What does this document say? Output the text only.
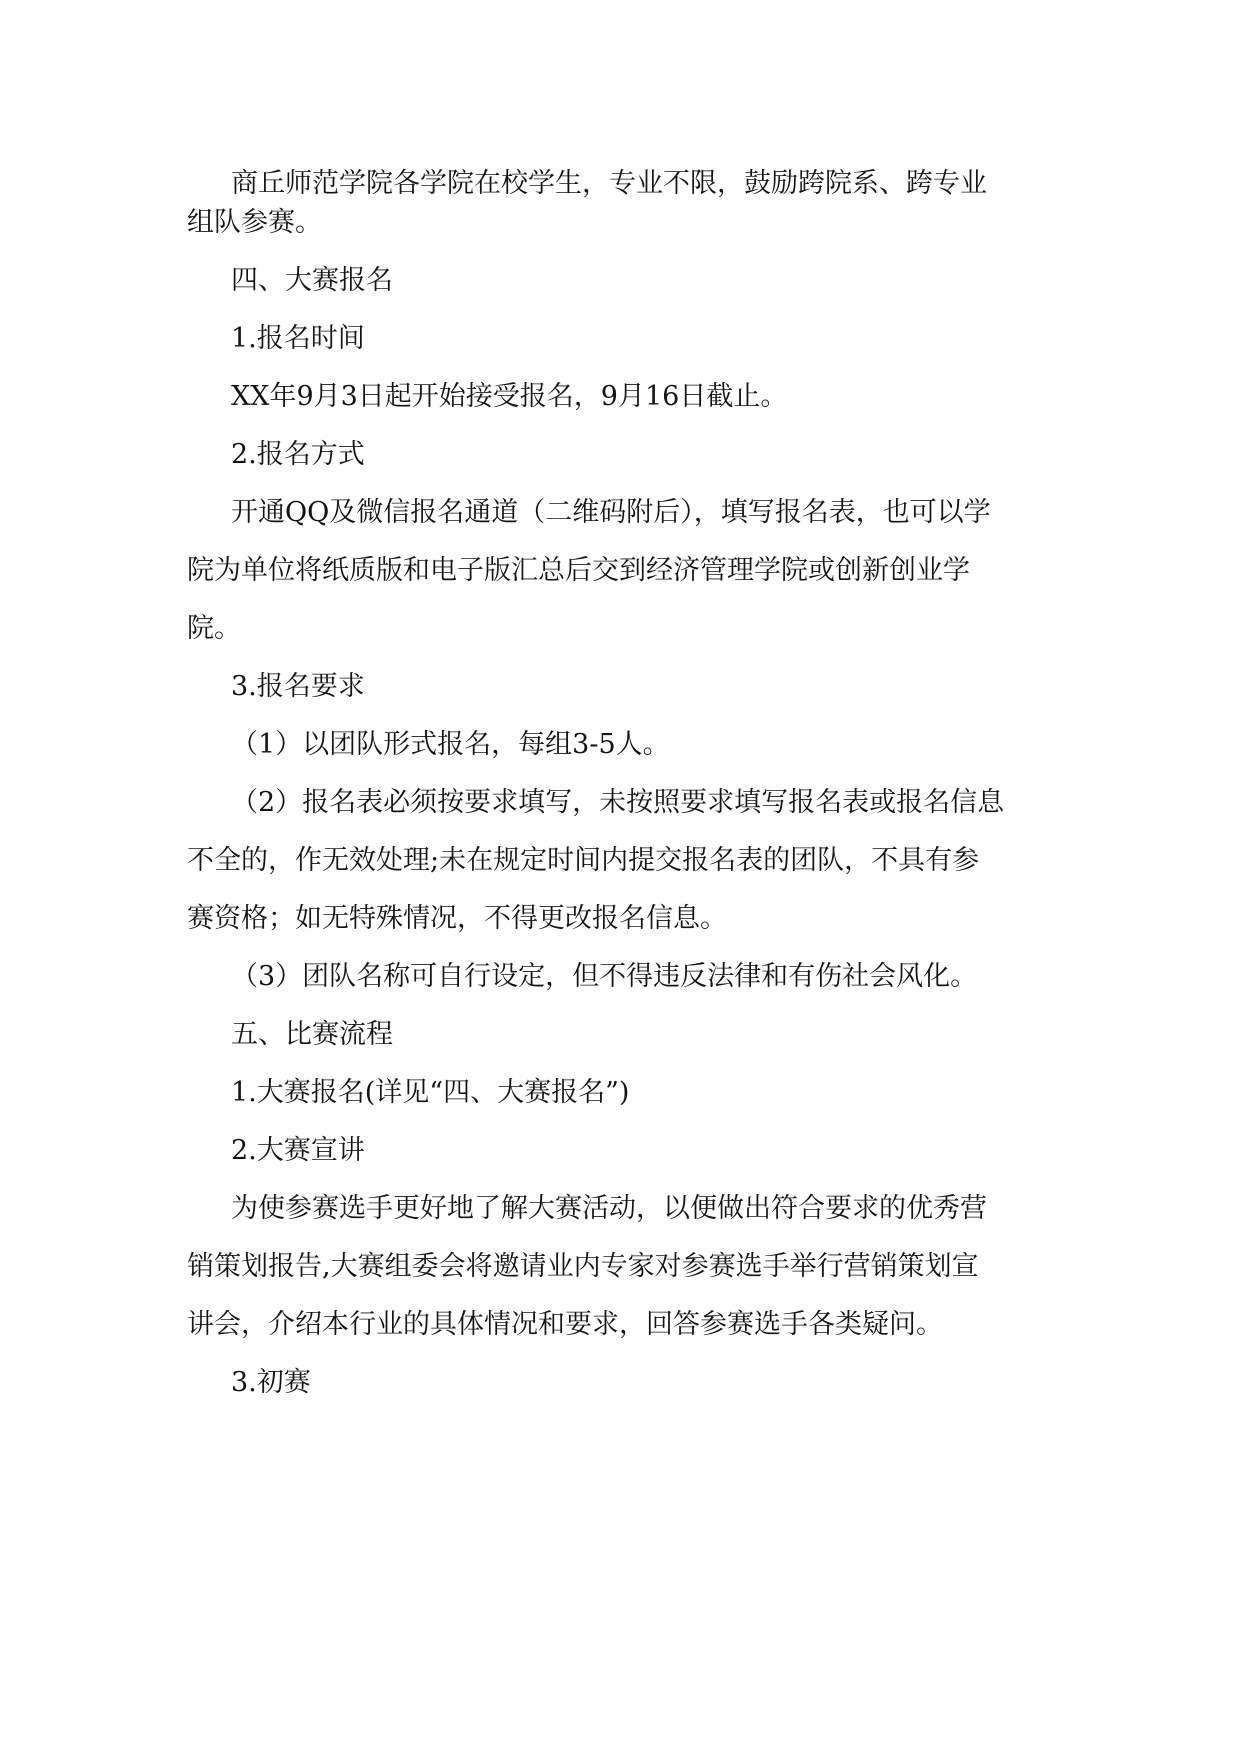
商丘师范学院各学院在校学生，专业不限，鼓励跨院系、跨专业

组队参赛。

四、大赛报名

1.报名时间

XX年9月3日起开始接受报名，9月16日截止。

2.报名方式

开通QQ及微信报名通道（二维码附后），填写报名表，也可以学

院为单位将纸质版和电子版汇总后交到经济管理学院或创新创业学

院。

3.报名要求

（1）以团队形式报名，每组3-5人。

（2）报名表必须按要求填写，未按照要求填写报名表或报名信息

不全的，作无效处理;未在规定时间内提交报名表的团队，不具有参

赛资格；如无特殊情况，不得更改报名信息。

（3）团队名称可自行设定，但不得违反法律和有伤社会风化。

五、比赛流程

1.大赛报名(详见“四、大赛报名”)

2.大赛宣讲

为使参赛选手更好地了解大赛活动，以便做出符合要求的优秀营

销策划报告,大赛组委会将邀请业内专家对参赛选手举行营销策划宣

讲会，介绍本行业的具体情况和要求，回答参赛选手各类疑问。

3.初赛
